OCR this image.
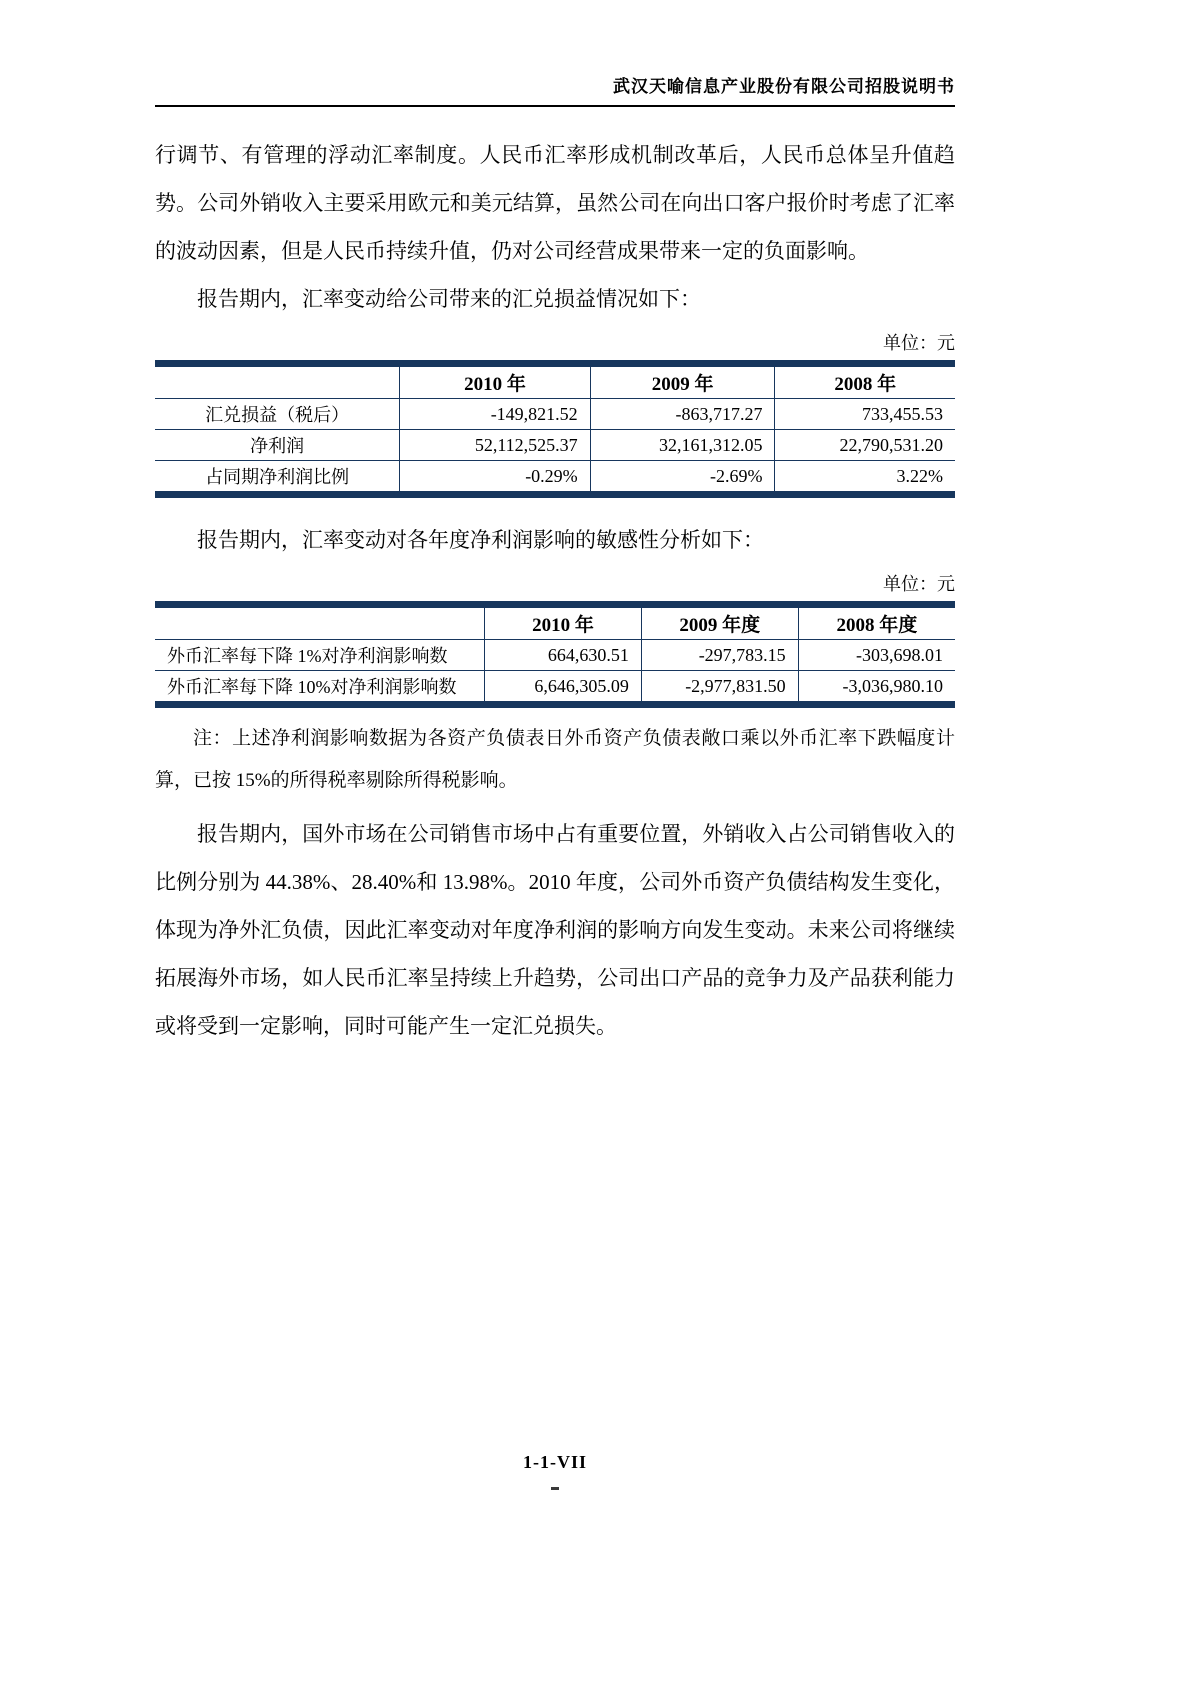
武汉天喻信息产业股份有限公司招股说明书

行调节、有管理的浮动汇率制度。人民币汇率形成机制改革后，人民币总体呈升值趋势。公司外销收入主要采用欧元和美元结算，虽然公司在向出口客户报价时考虑了汇率的波动因素，但是人民币持续升值，仍对公司经营成果带来一定的负面影响。

报告期内，汇率变动给公司带来的汇兑损益情况如下：

单位：元
	2010 年	2009 年	2008 年
汇兑损益（税后）	-149,821.52	-863,717.27	733,455.53
净利润	52,112,525.37	32,161,312.05	22,790,531.20
占同期净利润比例	-0.29%	-2.69%	3.22%

报告期内，汇率变动对各年度净利润影响的敏感性分析如下：

单位：元
	2010 年	2009 年度	2008 年度
外币汇率每下降 1%对净利润影响数	664,630.51	-297,783.15	-303,698.01
外币汇率每下降 10%对净利润影响数	6,646,305.09	-2,977,831.50	-3,036,980.10

注：上述净利润影响数据为各资产负债表日外币资产负债表敞口乘以外币汇率下跌幅度计算，已按 15%的所得税率剔除所得税影响。

报告期内，国外市场在公司销售市场中占有重要位置，外销收入占公司销售收入的比例分别为 44.38%、28.40%和 13.98%。2010 年度，公司外币资产负债结构发生变化，体现为净外汇负债，因此汇率变动对年度净利润的影响方向发生变动。未来公司将继续拓展海外市场，如人民币汇率呈持续上升趋势，公司出口产品的竞争力及产品获利能力或将受到一定影响，同时可能产生一定汇兑损失。

1-1-VII
